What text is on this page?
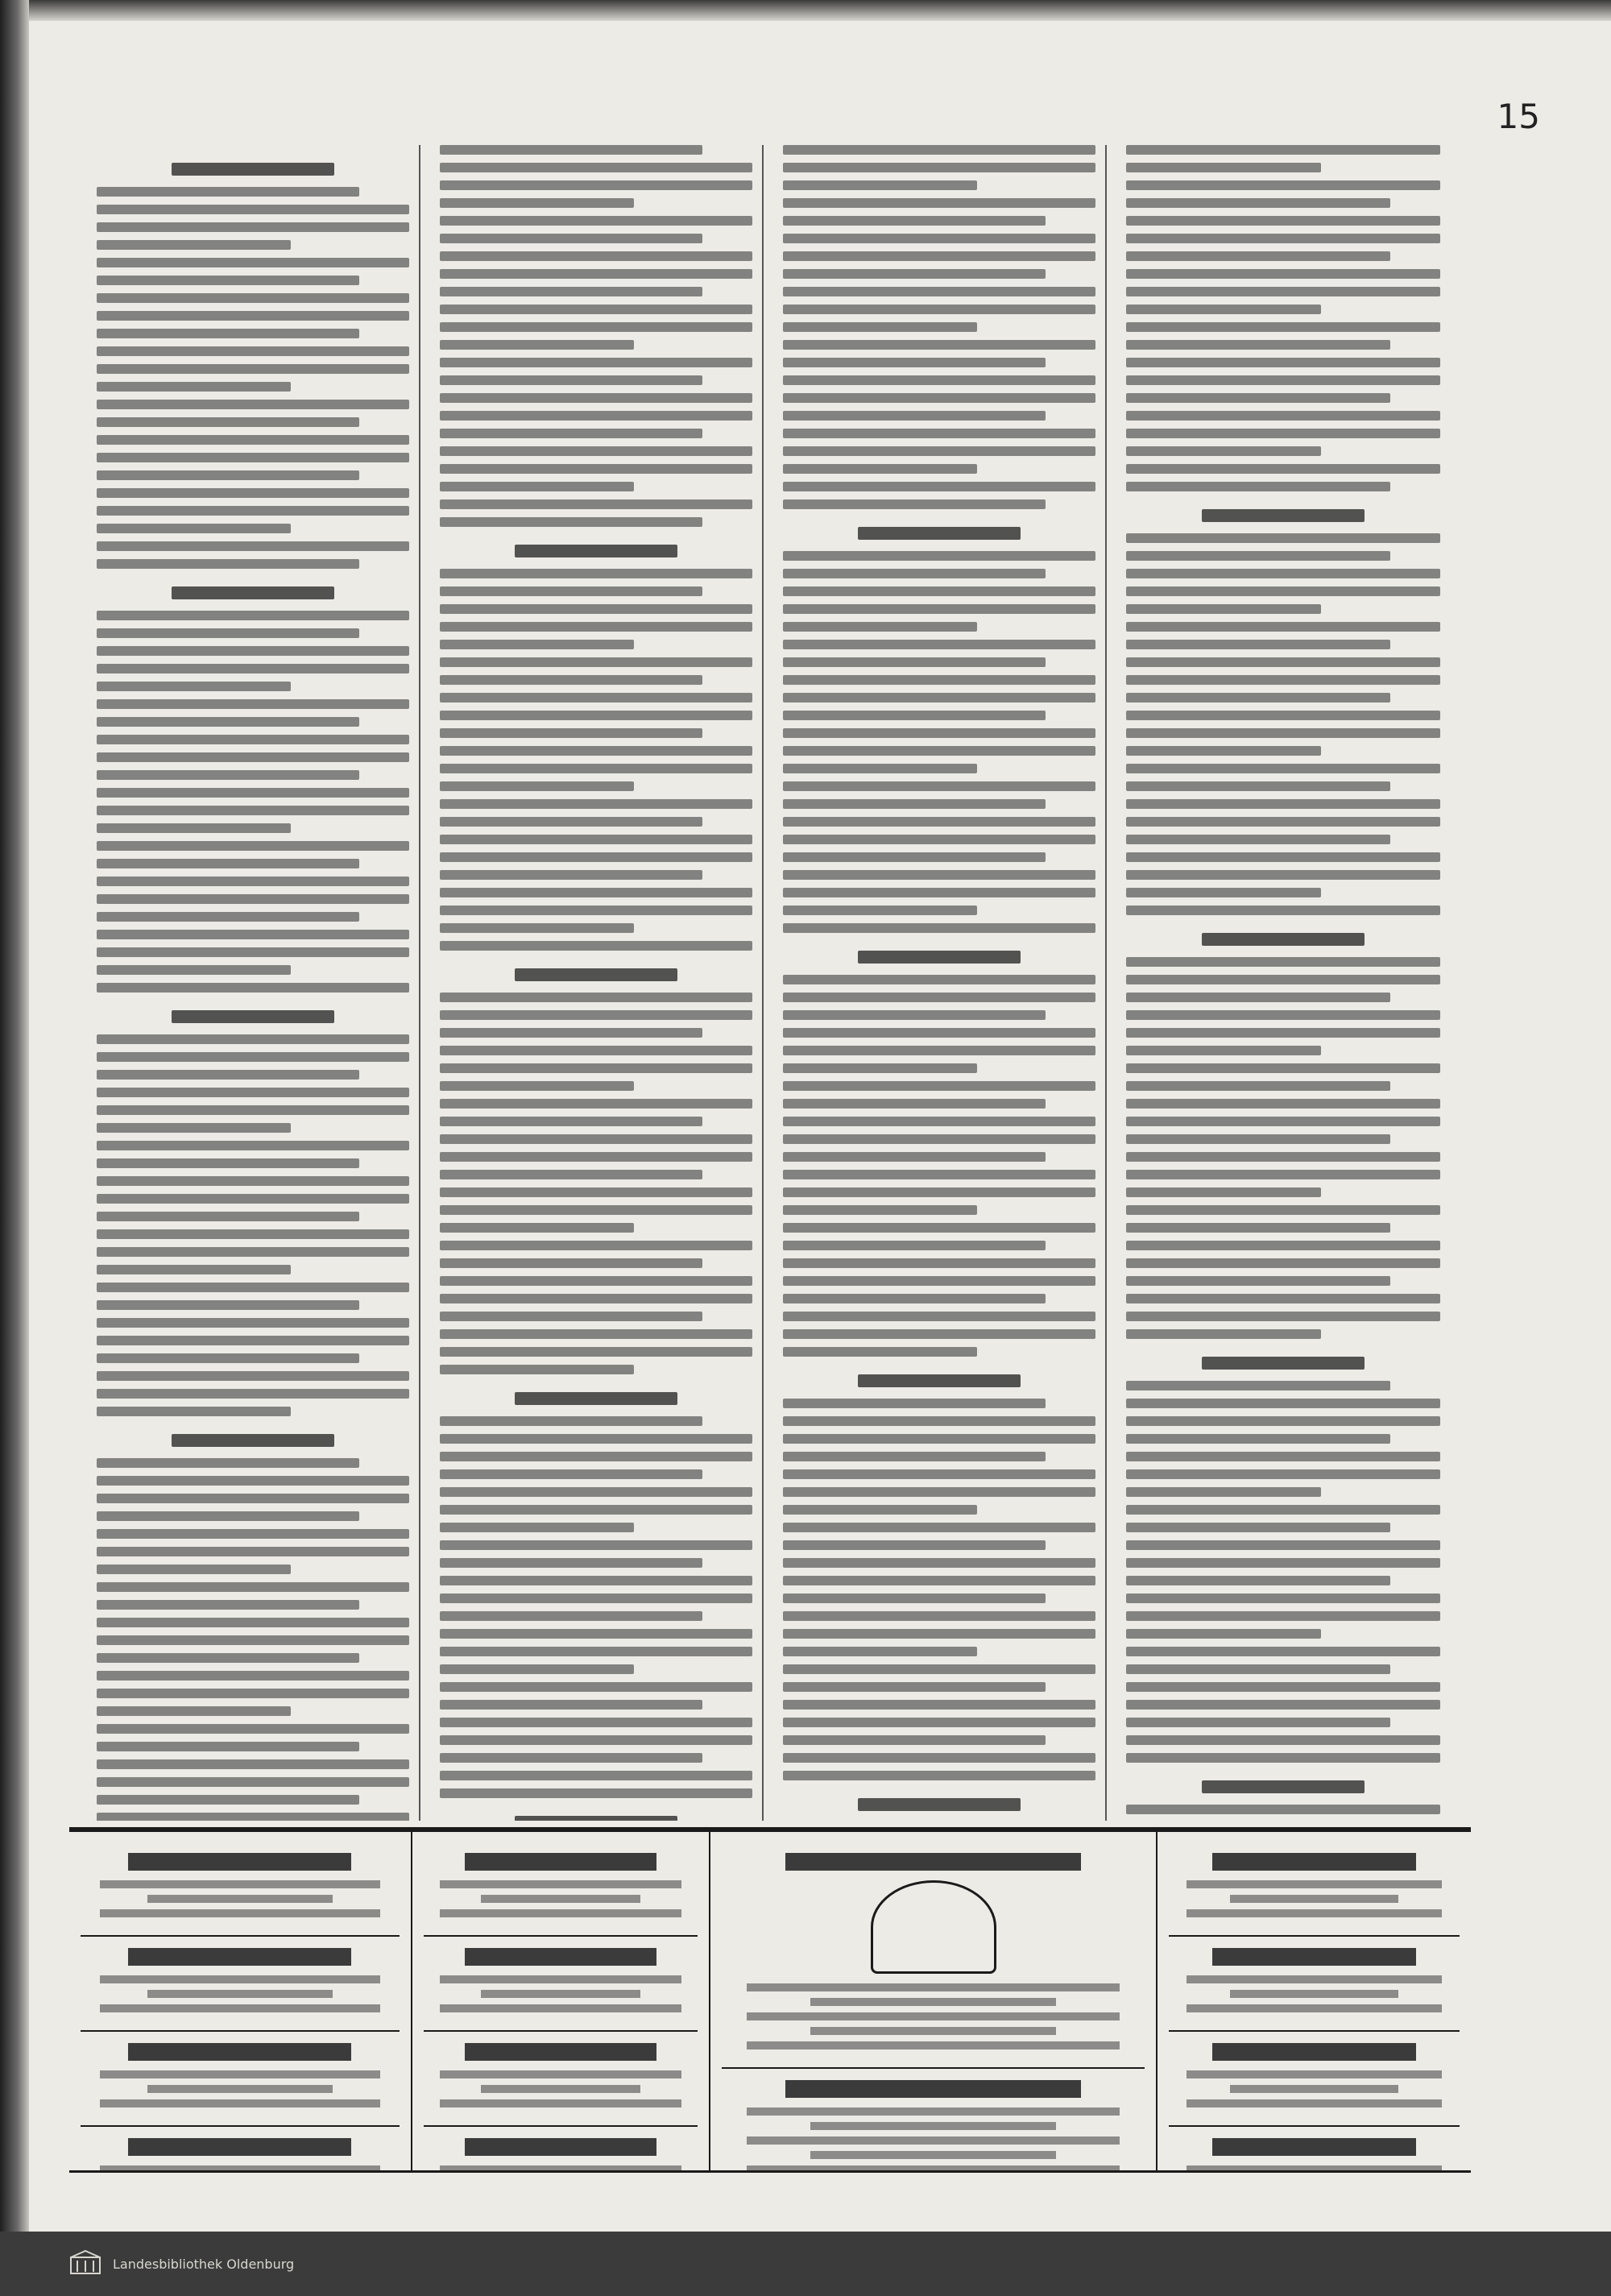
15
Landesbibliothek Oldenburg
